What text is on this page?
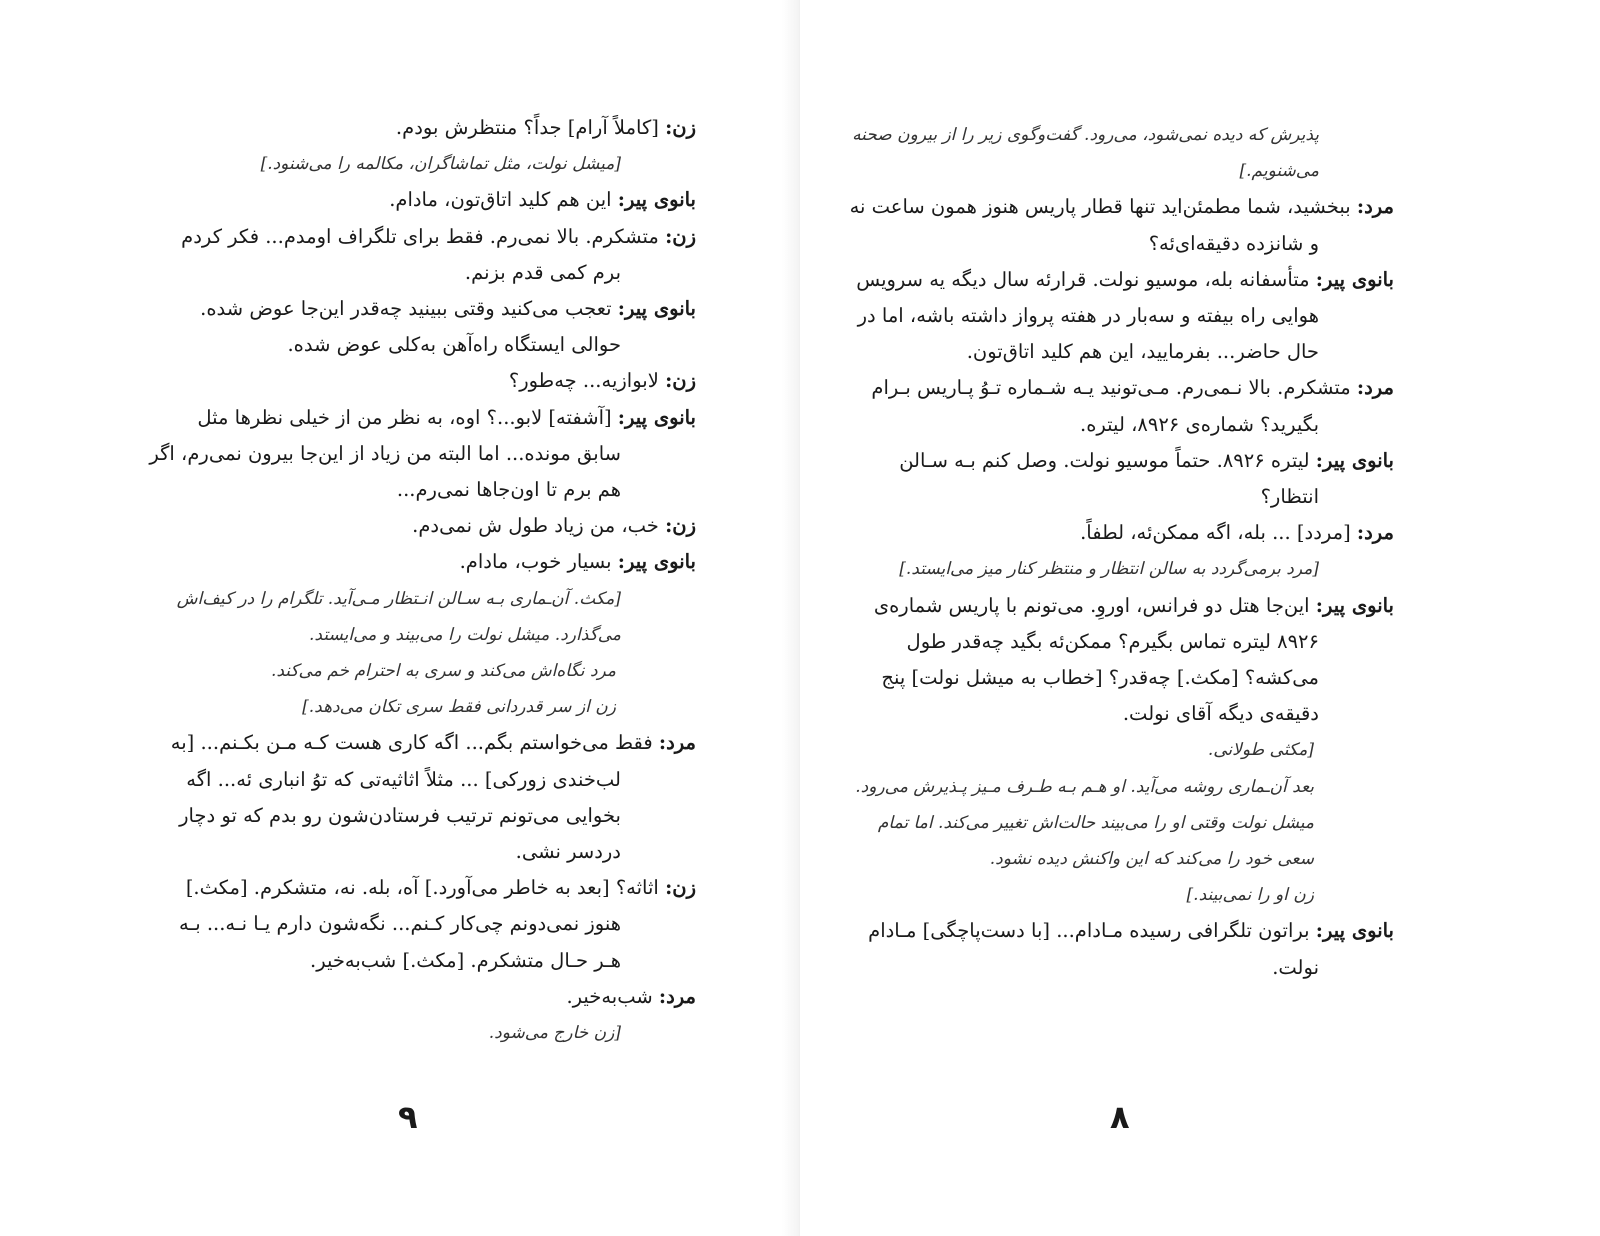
زن: [کاملاً آرام] جداً؟ منتظرش بودم.

[میشل نولت، مثل تماشاگران، مکالمه را می‌شنود.]

بانوی پیر: این هم کلید اتاق‌تون، مادام.

زن: متشکرم. بالا نمی‌رم. فقط برای تلگراف اومدم... فکر کردم برم کمی قدم بزنم.

بانوی پیر: تعجب می‌کنید وقتی ببینید چه‌قدر این‌جا عوض شده. حوالی ایستگاه راه‌آهن به‌کلی عوض شده.

زن: لابوازیه... چه‌طور؟

بانوی پیر: [آشفته] لابو...؟ اوه، به نظر من از خیلی نظرها مثل سابق مونده... اما البته من زیاد از این‌جا بیرون نمی‌رم، اگر هم برم تا اون‌جاها نمی‌رم...

زن: خب، من زیاد طول ش نمی‌دم.

بانوی پیر: بسیار خوب، مادام.

[مکث. آن‌ـماری بـه سـالن انـتظار مـی‌آید. تلگرام را در کیف‌اش می‌گذارد. میشل نولت را می‌بیند و می‌ایستد.

مرد نگاه‌اش می‌کند و سری به احترام خم می‌کند.

زن از سر قدردانی فقط سری تکان می‌دهد.]

مرد: فقط می‌خواستم بگم... اگه کاری هست کـه مـن بکـنم... [به لب‌خندی زورکی] ... مثلاً اثاثیه‌تی که توُ انباری ئه... اگه بخوایی می‌تونم ترتیب فرستادن‌شون رو بدم که تو دچار دردسر نشی.

زن: اثاثه؟ [بعد به خاطر می‌آورد.] آه، بله. نه، متشکرم. [مکث.] هنوز نمی‌دونم چی‌کار کـنم... نگه‌شون دارم یـا نـه... بـه هـر حـال متشکرم. [مکث.] شب‌به‌خیر.

مرد: شب‌به‌خیر.

[زن خارج می‌شود.

۹

پذیرش که دیده نمی‌شود، می‌رود. گفت‌وگوی زیر را از بیرون صحنه می‌شنویم.]

مرد: ببخشید، شما مطمئن‌اید تنها قطار پاریس هنوز همون ساعت نه و شانزده دقیقه‌ای‌ئه؟

بانوی پیر: متأسفانه بله، موسیو نولت. قرارئه سال دیگه یه سرویس هوایی راه بیفته و سه‌بار در هفته پرواز داشته باشه، اما در حال حاضر... بفرمایید، این هم کلید اتاق‌تون.

مرد: متشکرم. بالا نـمی‌رم. مـی‌تونید یـه شـماره تـوُ پـاریس بـرام بگیرید؟ شماره‌ی ۸۹۲۶، لیتره.

بانوی پیر: لیتره ۸۹۲۶. حتماً موسیو نولت. وصل کنم بـه سـالن انتظار؟

مرد: [مردد] ... بله، اگه ممکن‌ئه، لطفاً.

[مرد برمی‌گردد به سالن انتظار و منتظر کنار میز می‌ایستد.]

بانوی پیر: این‌جا هتل دو فرانس، اوروِ. می‌تونم با پاریس شماره‌ی ۸۹۲۶ لیتره تماس بگیرم؟ ممکن‌ئه بگید چه‌قدر طول می‌کشه؟ [مکث.] چه‌قدر؟ [خطاب به میشل نولت] پنج دقیقه‌ی دیگه آقای نولت.

[مکثی طولانی.

بعد آن‌ـماری روشه می‌آید. او هـم بـه طـرف مـیز پـذیرش می‌رود.

میشل نولت وقتی او را می‌بیند حالت‌اش تغییر می‌کند. اما تمام سعی خود را می‌کند که این واکنش دیده نشود.

زن او را نمی‌بیند.]

بانوی پیر: براتون تلگرافی رسیده مـادام... [با دست‌پاچگی] مـادام نولت.

۸
